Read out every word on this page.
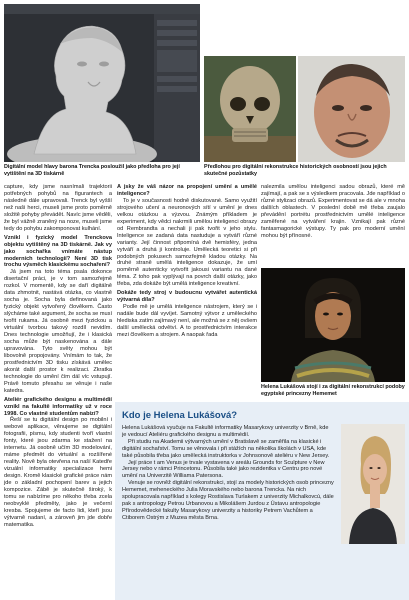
Digitální model hlavy barona Trencka posloužil jako předloha pro její vytištění na 3D tiskárně
Předlohou pro digitální rekonstrukce historických osobností jsou jejich skutečné pozůstatky

capture, kdy jsme nasnímali trajektorii potřebných pohybů na figurantech a následně dále upravovali. Trenck byl vyšší než naši herci, museli jsme proto poměrně složitě pohyby převádět. Navíc jsme věděli, že byl vážně zraněný na noze, museli jsme tedy do pohybu zakomponovat kulhání.

Vznikl i fyzický model Trenckova objektu vytištěný na 3D tiskárně. Jak vy jako sochařka vnímáte nástup moderních technologií? Není 3D tisk trochu výsměch klasickému sochaření?

Já jsem na toto téma psala dokonce disertační práci, je v tom samozřejmě rozkol. V momentě, kdy se daří digitálně data zhmotnit, nastává otázka, co vlastně socha je. Socha byla definovaná jako fyzický objekt vytvořený člověkem. Často slýcháme také argument, že socha se musí tvořit rukama. Já osobně mezi fyzickou a virtuální tvorbou takový rozdíl nevidím. Dnes technologie umožňují, že i klasická socha může být naskenována a dále upravována. Tyto světy mohou být libovolně propojovány. Vnímám to tak, že prostřednictvím 3D tisku získává umělec akorát další prostor k realizaci. Zkratka technologie do umění čím dál víc vstupují. Právě tomuto přesahu se věnuje i naše katedra.

Ateliér grafického designu a multimédií vznikl na fakultě informatiky už v roce 1998. Co vlastně studentům nabízí?

Řeší se tu digitální design po mobilní i webové aplikace, věnujeme se digitální fotografii, písmu, kdy studenti tvoří vlastní fonty, které jsou zdarma ke stažení na internetu. Já osobně učím 3D modelování, máme předmět do virtuální a rozšířené reality. Nově byla otevřena na naší Katedře vizuální informatiky specializace hemi design. Kromě klasické grafické práce nám jde o základní pochopení barev a jejich kompozice. Zábě je skutečně široký, k tomu se nabízíme pro někoho třeba zcela neobvyklé předměty, jako je večerní kresba. Spojujeme de facto lidi, kteří jsou výtvarně nadaní, a zároveň jim jde dobře matematika.

A jsky že váš názor na propojení umění a umělé inteligence?

To je v současnosti hodně diskutované. Samo využití strojového učení a neuronových sítí v umění je dnes velkou otázkou a výzvou. Známým příkladem je experiment, kdy vědci nakrmili umělou inteligenci obrazy od Rembrandta a nechali ji pak tvořit v jeho stylu. Inteligence se zadaná data nastuduje a vytváří různé varianty. Její činnost připomíná dvě hemisféry, jedna vytváří a druhá ji kontroluje. Umělecká teoretici si při podobných pokusech samozřejmě kladou otázky. Na druhé straně umělá inteligence dokazuje, že umí poměrně autenticky vytvořit jakousi variantu na dané téma. Z toho pak vyplývají na povrch další otázky, jako třeba, zda dokáže být umělá inteligence kreativní.

Dokáže tedy stroj v budoucnu vytvářet autentická výtvarná díla?

Podle mě je umělá inteligence nástrojem, který se i nadále bude dál vyvíjet. Samotný výtvor z uměleckého hlediska zatím zajímavý není, ale možná se z něj ovšem další umělecká odvětví. A to prostřednictvím interakce mezi člověkem a strojem. A naopak řada

nalezmila umělou inteligenci sadou obrazů, které mě zajímají, a pak se s výsledkem pracovala. Jde například o různé stylizaci obrazů. Experimentovat se dá ale v mnoha dalších oblastech. V poslední době mě třeba zaujalo převádění portrétu prostřednictvím umělé inteligence zaměřené na vytváření krajin. Vznikají pak různé fantasmagorické výstupy. Ty pak pro moderní umění mohou být přínosné.

Helena Lukášová stojí i za digitální rekonstrukcí podoby egyptské princezny Hememet
Kdo je Helena Lukášová?

Helena Lukášová vyučuje na Fakultě informatiky Masarykovy univerzity v Brně, kde je vedoucí Ateliéru grafického designu a multimédií.

Při studiu na Akademii výtvarných umění v Bratislavě se zaměřila na klasické i digitální sochařství. Tomu se věnovala i při stážích na několika školách v USA, kde také působila třeba jako umělecká instruktorka v Johnsonově ateliéru v New Jersey.

Její práce t am Venus je trvale vystavena v areálu Grounds for Sculpture v New Jersey nebo v rámci Princetonu. Působila také jako rezidentka v Centru pro nové umění na Univerzitě Williama Patersona.

Venuje se rovněž digitální rekonstrukci, stojí za modely historických osob princezny Hememet, meheneckého Julia Moravského nebo barona Trencka. Na nich spolupracovala například s kolegy Rostislava Turlakem z univerzity Michalkovcú, dále pak s antropology Petrou Urbanovou a Mikolášem Jurdou z Ústavu antropologie Přírodovědecké fakulty Masarykovy univerzity a historiky Petrem Vachůtem a Ctiborem Ostrým z Muzea města Brna.
